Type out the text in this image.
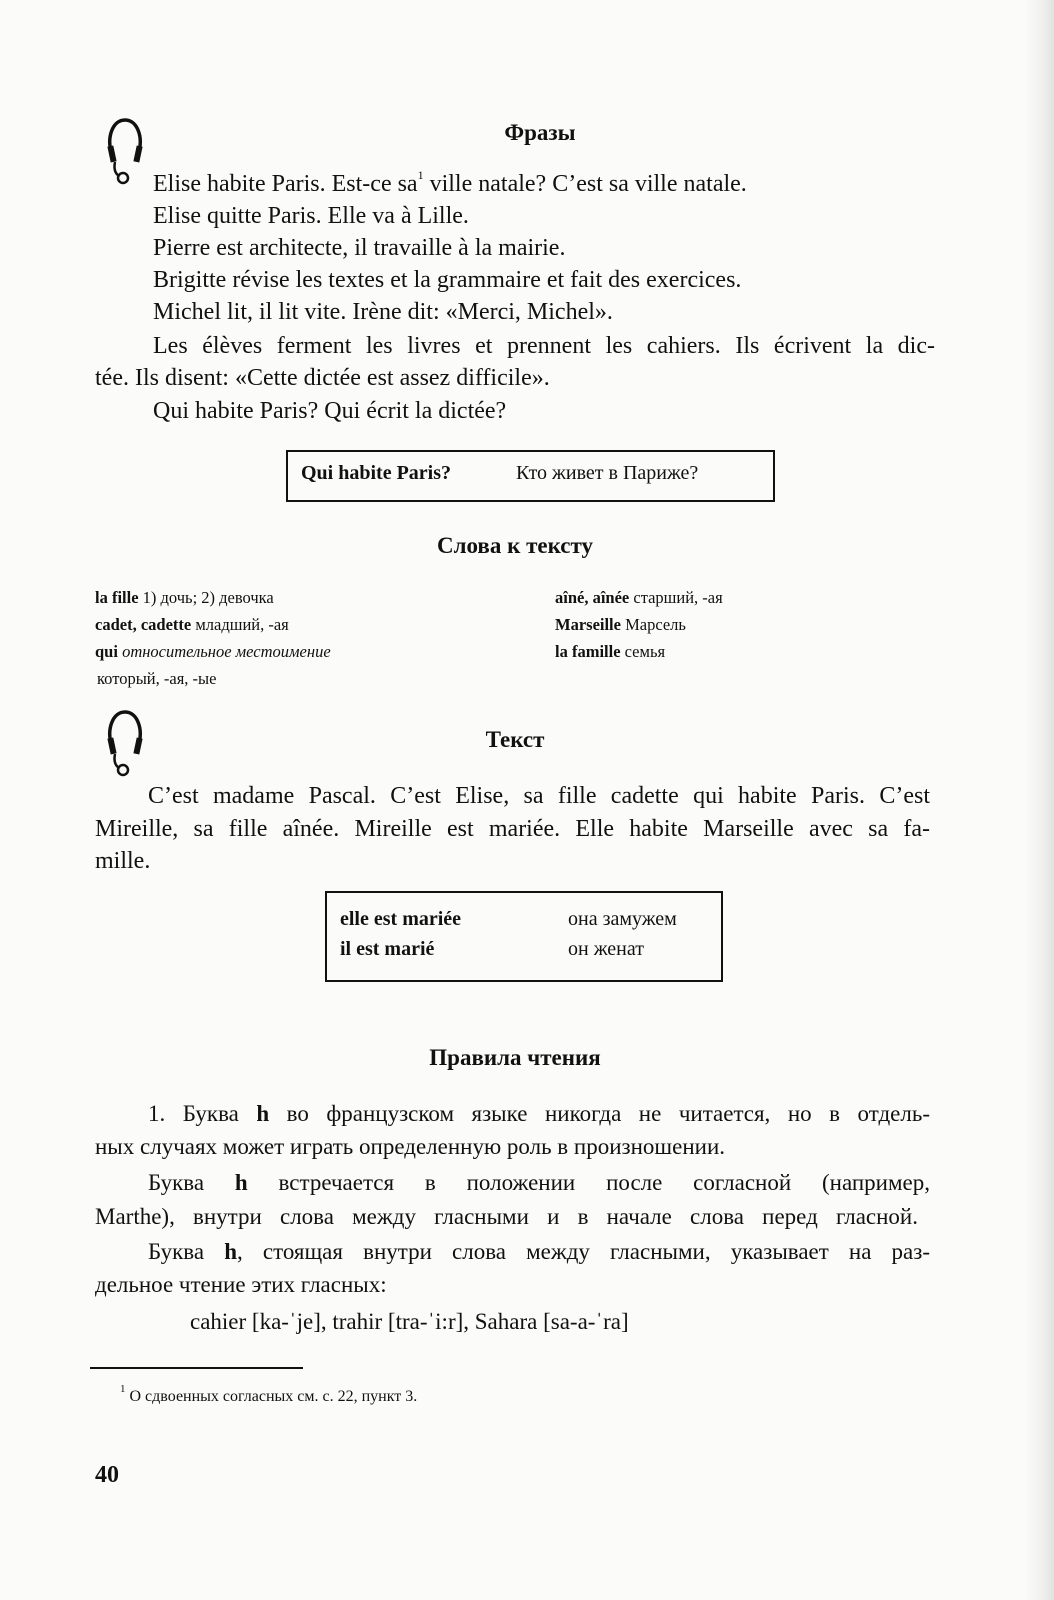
Фразы
Elise habite Paris. Est-ce $sa^1$ ville natale? C’est sa ville natale.
Elise quitte Paris. Elle va à Lille.
Pierre est architecte, il travaille à la mairie.
Brigitte révise les textes et la grammaire et fait des exercices.
Michel lit, il lit vite. Irène dit: «Merci, Michel».
Les élèves ferment les livres et prennent les cahiers. Ils écrivent la dic-
tée. Ils disent: «Cette dictée est assez difficile».
Qui habite Paris? Qui écrit la dictée?
Qui habite Paris?	Кто живет в Париже?
Слова к тексту
la fille 1) дочь; 2) девочка
cadet, cadette младший, -ая
qui относительное местоимение
который, -ая, -ые
aîné, aînée старший, -ая
Marseille Марсель
la famille семья
Текст
C’est madame Pascal. C’est Elise, sa fille cadette qui habite Paris. C’est
Mireille, sa fille aînée. Mireille est mariée. Elle habite Marseille avec sa fa-
mille.
elle est mariée	она замужем
il est marié	он женат
Правила чтения
1. Буква h во французском языке никогда не читается, но в отдель-
ных случаях может играть определенную роль в произношении.
Буква h встречается в положении после согласной (например,
Marthe), внутри слова между гласными и в начале слова перед гласной.
Буква h, стоящая внутри слова между гласными, указывает на раз-
дельное чтение этих гласных:
cahier [ka-ˈje], trahir [tra-ˈi:r], Sahara [sa-a-ˈra]
$^1$ О сдвоенных согласных см. с. 22, пункт 3.
40
